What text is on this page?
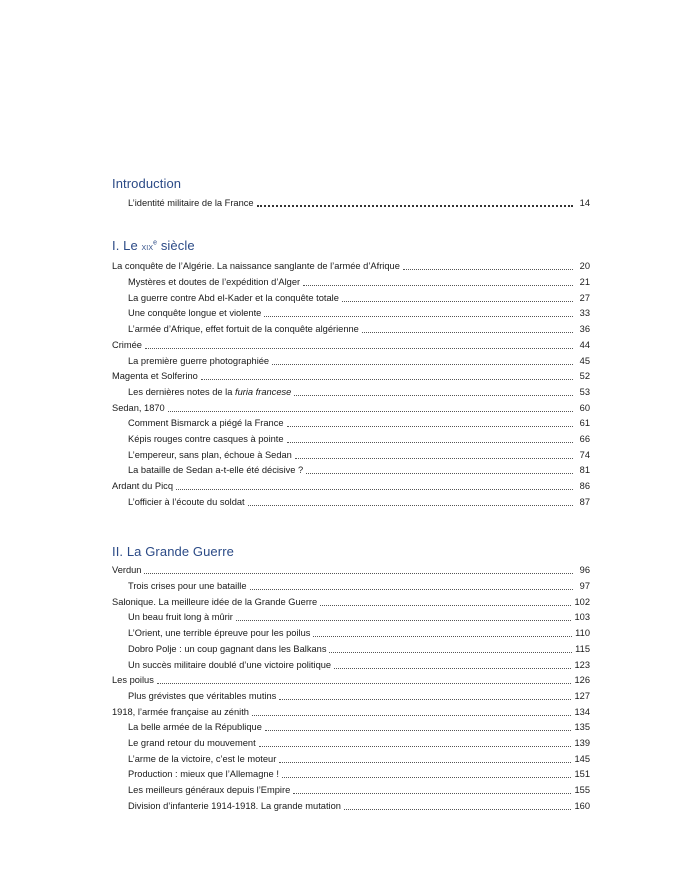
Introduction
L’identité militaire de la France	14
I. Le xix$^e$ siècle
La conquête de l’Algérie. La naissance sanglante de l’armée d’Afrique	20
Mystères et doutes de l’expédition d’Alger	21
La guerre contre Abd el-Kader et la conquête totale	27
Une conquête longue et violente	33
L’armée d’Afrique, effet fortuit de la conquête algérienne	36
Crimée	44
La première guerre photographiée	45
Magenta et Solferino	52
Les dernières notes de la furia francese	53
Sedan, 1870	60
Comment Bismarck a piégé la France	61
Képis rouges contre casques à pointe	66
L’empereur, sans plan, échoue à Sedan	74
La bataille de Sedan a-t-elle été décisive ?	81
Ardant du Picq	86
L’officier à l’écoute du soldat	87
II. La Grande Guerre
Verdun	96
Trois crises pour une bataille	97
Salonique. La meilleure idée de la Grande Guerre	102
Un beau fruit long à mûrir	103
L’Orient, une terrible épreuve pour les poilus	110
Dobro Polje : un coup gagnant dans les Balkans	115
Un succès militaire doublé d’une victoire politique	123
Les poilus	126
Plus grévistes que véritables mutins	127
1918, l’armée française au zénith	134
La belle armée de la République	135
Le grand retour du mouvement	139
L’arme de la victoire, c’est le moteur	145
Production : mieux que l’Allemagne !	151
Les meilleurs généraux depuis l’Empire	155
Division d’infanterie 1914-1918. La grande mutation	160
